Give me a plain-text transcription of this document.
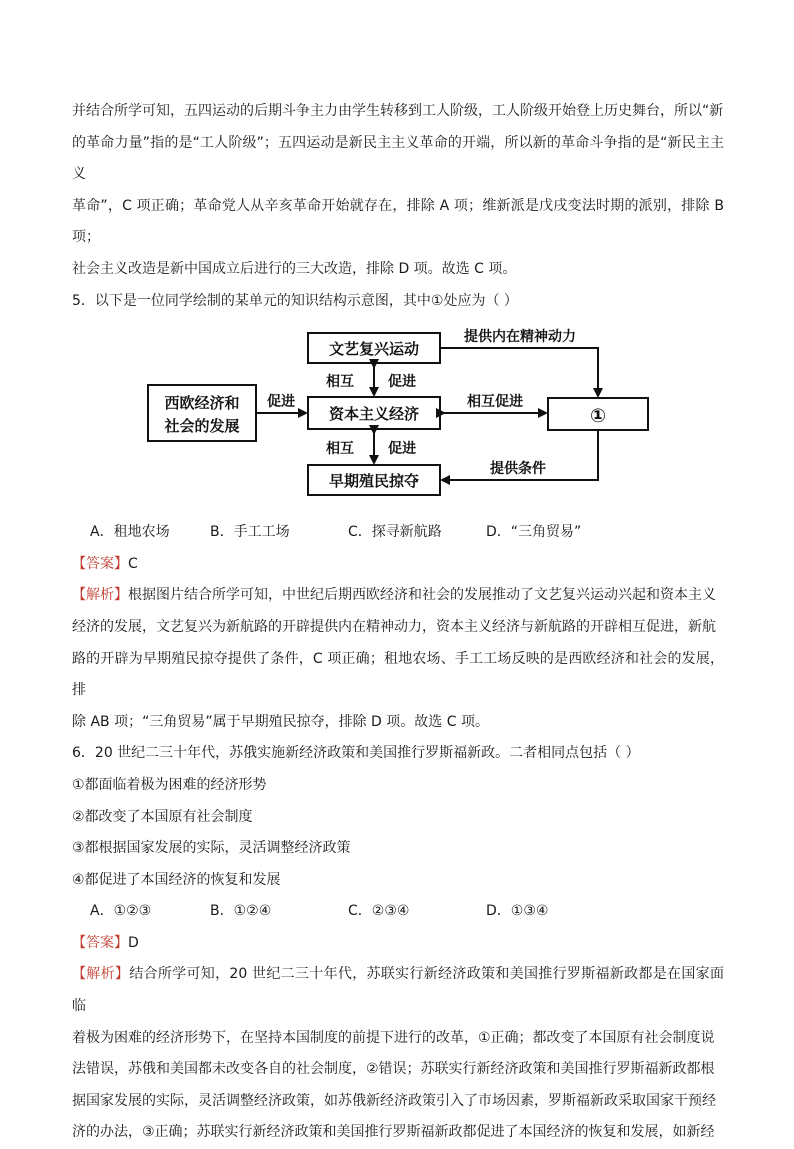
并结合所学可知，五四运动的后期斗争主力由学生转移到工人阶级，工人阶级开始登上历史舞台，所以“新

的革命力量”指的是“工人阶级”；五四运动是新民主主义革命的开端，所以新的革命斗争指的是“新民主主义

革命”，C 项正确；革命党人从辛亥革命开始就存在，排除 A 项；维新派是戊戌变法时期的派别，排除 B 项；

社会主义改造是新中国成立后进行的三大改造，排除 D 项。故选 C 项。

5．以下是一位同学绘制的某单元的知识结构示意图，其中①处应为（ ）
文艺复兴运动
西欧经济和
社会的发展
资本主义经济
早期殖民掠夺
①
促进
相互 促进
相互 促进
相互促进
提供内在精神动力
提供条件
A．租地农场	B．手工工场	C．探寻新航路	D．“三角贸易”
【答案】C

【解析】根据图片结合所学可知，中世纪后期西欧经济和社会的发展推动了文艺复兴运动兴起和资本主义

经济的发展，文艺复兴为新航路的开辟提供内在精神动力，资本主义经济与新航路的开辟相互促进，新航

路的开辟为早期殖民掠夺提供了条件，C 项正确；租地农场、手工工场反映的是西欧经济和社会的发展，排

除 AB 项；“三角贸易”属于早期殖民掠夺，排除 D 项。故选 C 项。

6．20 世纪二三十年代，苏俄实施新经济政策和美国推行罗斯福新政。二者相同点包括（ ）
①都面临着极为困难的经济形势
②都改变了本国原有社会制度
③都根据国家发展的实际，灵活调整经济政策
④都促进了本国经济的恢复和发展
A．①②③	B．①②④	C．②③④	D．①③④
【答案】D

【解析】结合所学可知，20 世纪二三十年代，苏联实行新经济政策和美国推行罗斯福新政都是在国家面临

着极为困难的经济形势下，在坚持本国制度的前提下进行的改革，①正确；都改变了本国原有社会制度说

法错误，苏俄和美国都未改变各自的社会制度，②错误；苏联实行新经济政策和美国推行罗斯福新政都根

据国家发展的实际，灵活调整经济政策，如苏俄新经济政策引入了市场因素，罗斯福新政采取国家干预经

济的办法，③正确；苏联实行新经济政策和美国推行罗斯福新政都促进了本国经济的恢复和发展，如新经
